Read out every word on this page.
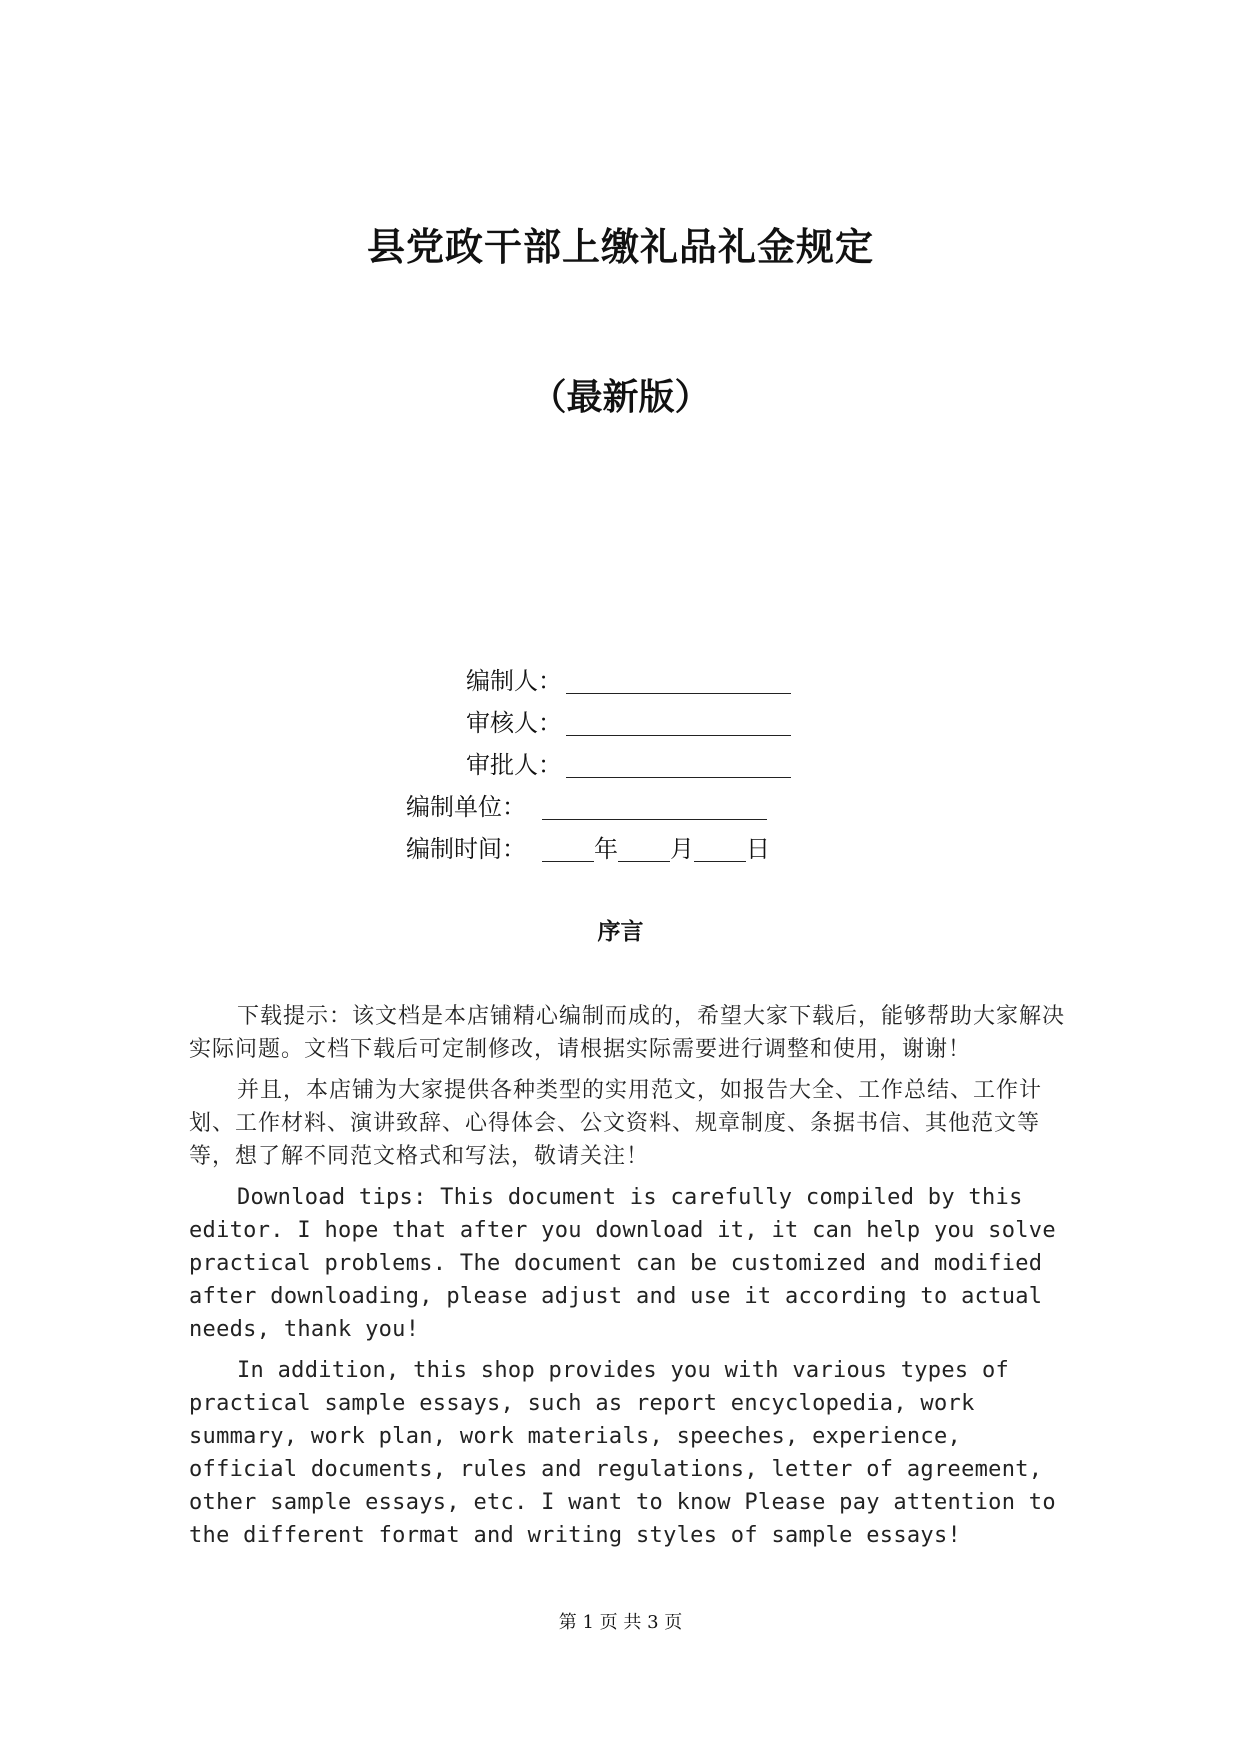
县党政干部上缴礼品礼金规定
（最新版）
编制人：
审核人：
审批人：
编制单位：
编制时间：	年 月 日
序言

下载提示：该文档是本店铺精心编制而成的，希望大家下载后，能够帮助大家解决实际问题。文档下载后可定制修改，请根据实际需要进行调整和使用，谢谢！

并且，本店铺为大家提供各种类型的实用范文，如报告大全、工作总结、工作计划、工作材料、演讲致辞、心得体会、公文资料、规章制度、条据书信、其他范文等等，想了解不同范文格式和写法，敬请关注！

Download tips: This document is carefully compiled by this editor. I hope that after you download it, it can help you solve practical problems. The document can be customized and modified after downloading, please adjust and use it according to actual needs, thank you!

In addition, this shop provides you with various types of practical sample essays, such as report encyclopedia, work summary, work plan, work materials, speeches, experience, official documents, rules and regulations, letter of agreement, other sample essays, etc. I want to know Please pay attention to the different format and writing styles of sample essays!

第 1 页 共 3 页
